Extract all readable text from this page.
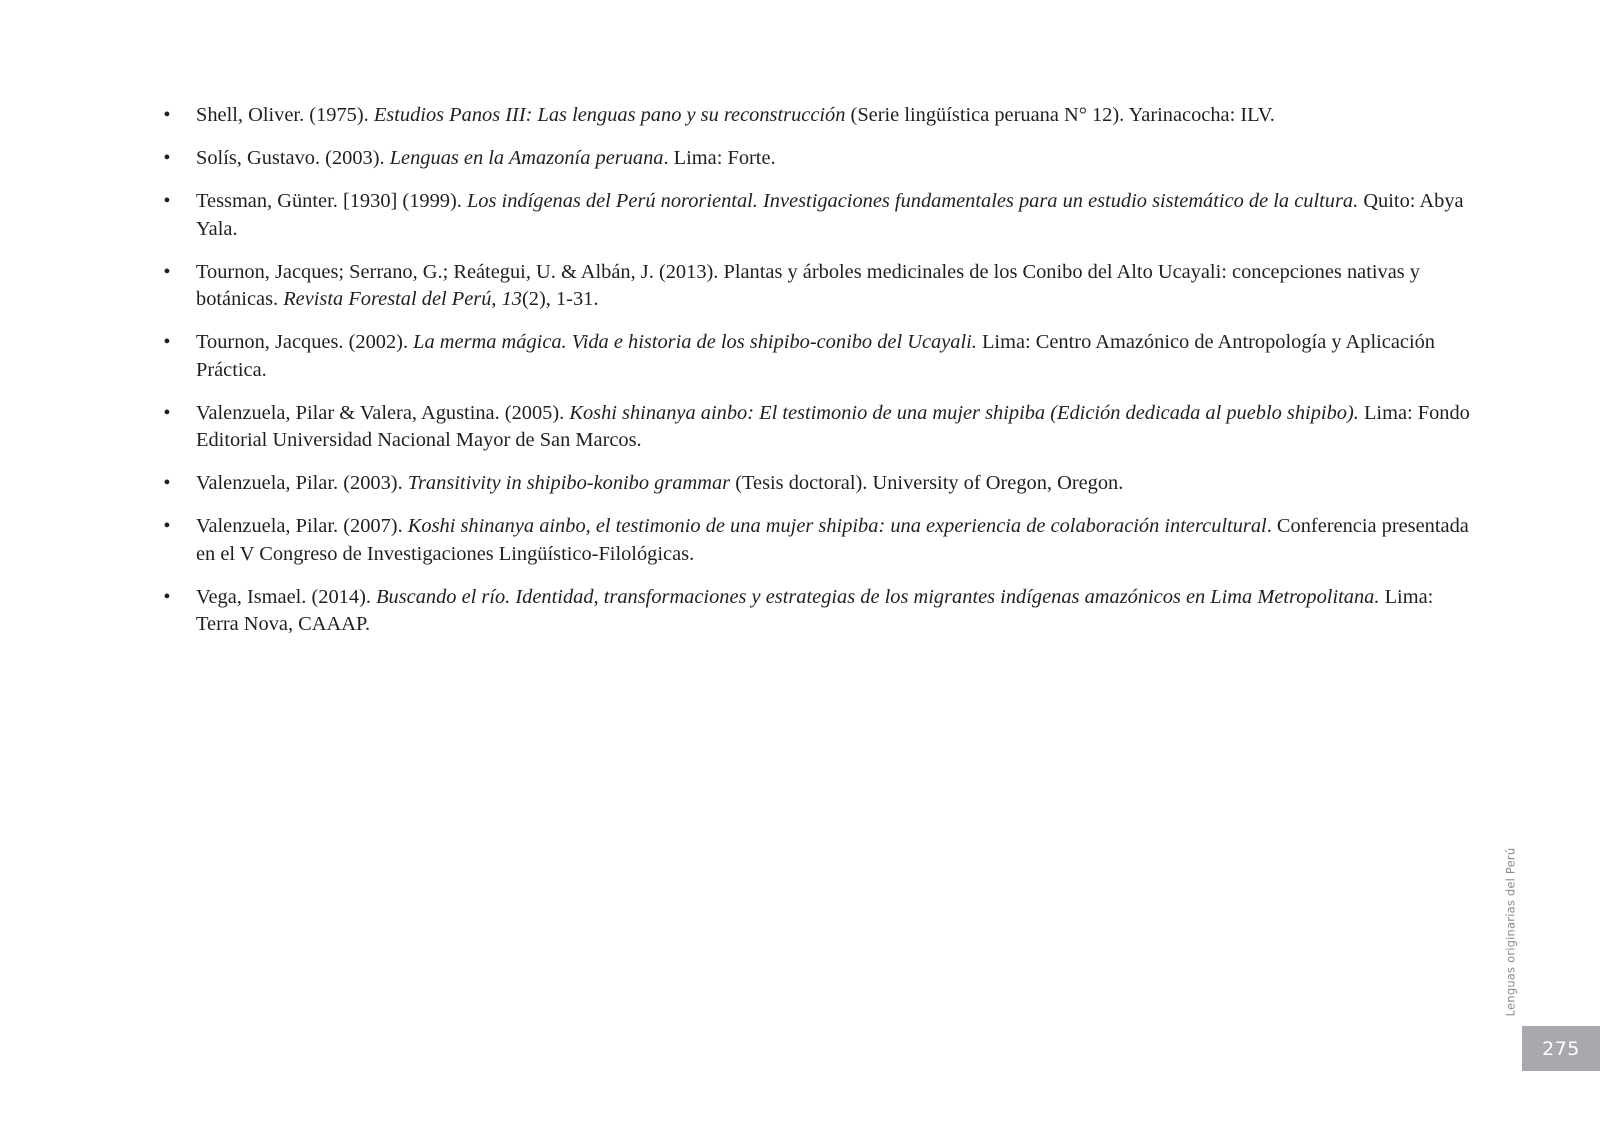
• Shell, Oliver. (1975). Estudios Panos III: Las lenguas pano y su reconstrucción (Serie lingüística peruana N° 12). Yarinacocha: ILV.
• Solís, Gustavo. (2003). Lenguas en la Amazonía peruana. Lima: Forte.
• Tessman, Günter. [1930] (1999). Los indígenas del Perú nororiental. Investigaciones fundamentales para un estudio sistemático de la cultura. Quito: Abya Yala.
• Tournon, Jacques; Serrano, G.; Reátegui, U. & Albán, J. (2013). Plantas y árboles medicinales de los Conibo del Alto Ucayali: concepciones nativas y botánicas. Revista Forestal del Perú, 13(2), 1-31.
• Tournon, Jacques. (2002). La merma mágica. Vida e historia de los shipibo-conibo del Ucayali. Lima: Centro Amazónico de Antropología y Aplicación Práctica.
• Valenzuela, Pilar & Valera, Agustina. (2005). Koshi shinanya ainbo: El testimonio de una mujer shipiba (Edición dedicada al pueblo shipibo). Lima: Fondo Editorial Universidad Nacional Mayor de San Marcos.
• Valenzuela, Pilar. (2003). Transitivity in shipibo-konibo grammar (Tesis doctoral). University of Oregon, Oregon.
• Valenzuela, Pilar. (2007). Koshi shinanya ainbo, el testimonio de una mujer shipiba: una experiencia de colaboración intercultural. Conferencia presentada en el V Congreso de Investigaciones Lingüístico-Filológicas.
• Vega, Ismael. (2014). Buscando el río. Identidad, transformaciones y estrategias de los migrantes indígenas amazónicos en Lima Metropolitana. Lima: Terra Nova, CAAAP.
Lenguas originarias del Perú
275
